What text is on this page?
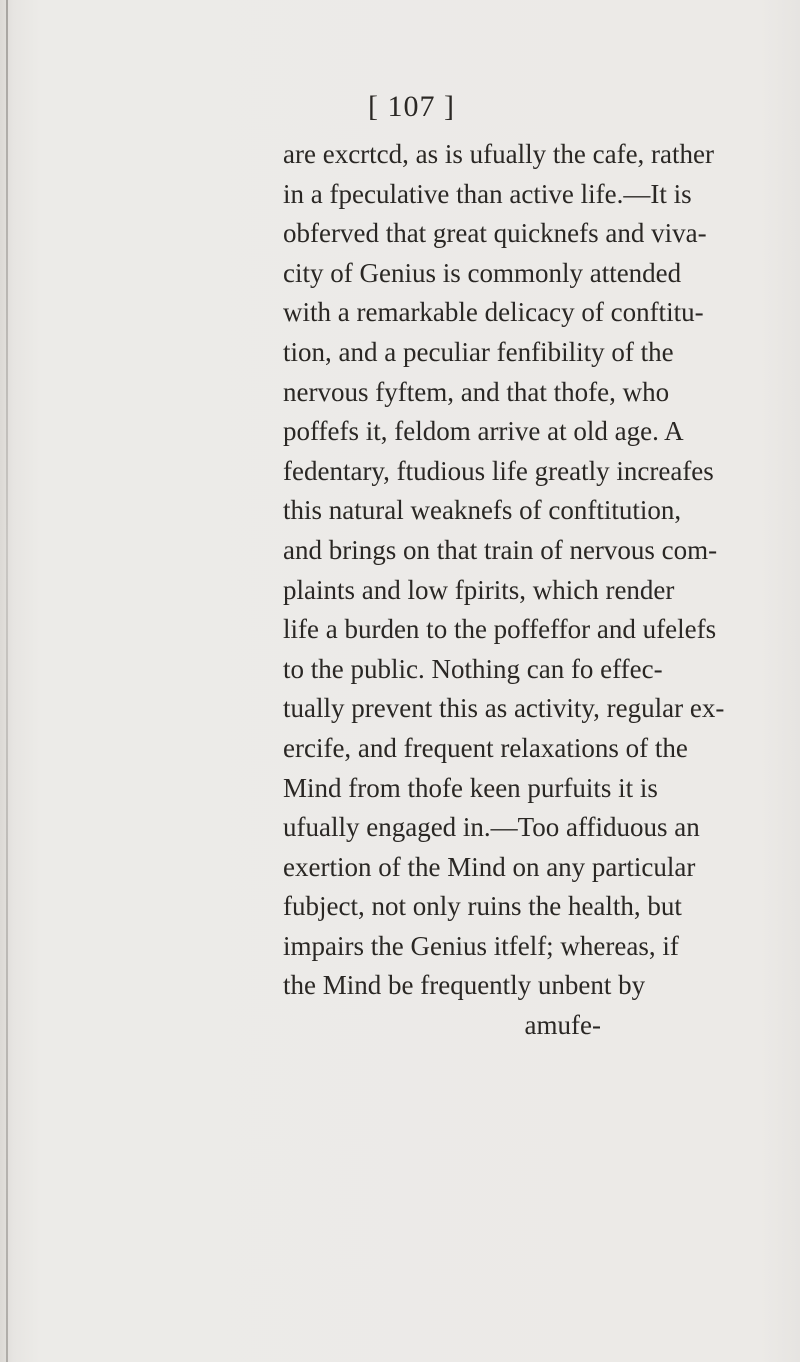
[ 107 ]
are excrtcd, as is ufually the cafe, rather
in a fpeculative than active life.—It is
obferved that great quicknefs and viva-
city of Genius is commonly attended
with a remarkable delicacy of conftitu-
tion, and a peculiar fenfibility of the
nervous fyftem, and that thofe, who
poffefs it, feldom arrive at old age. A
fedentary, ftudious life greatly increafes
this natural weaknefs of conftitution,
and brings on that train of nervous com-
plaints and low fpirits, which render
life a burden to the poffeffor and ufelefs
to the public. Nothing can fo effec-
tually prevent this as activity, regular ex-
ercife, and frequent relaxations of the
Mind from thofe keen purfuits it is
ufually engaged in.—Too affiduous an
exertion of the Mind on any particular
fubject, not only ruins the health, but
impairs the Genius itfelf; whereas, if
the Mind be frequently unbent by
amufe-
